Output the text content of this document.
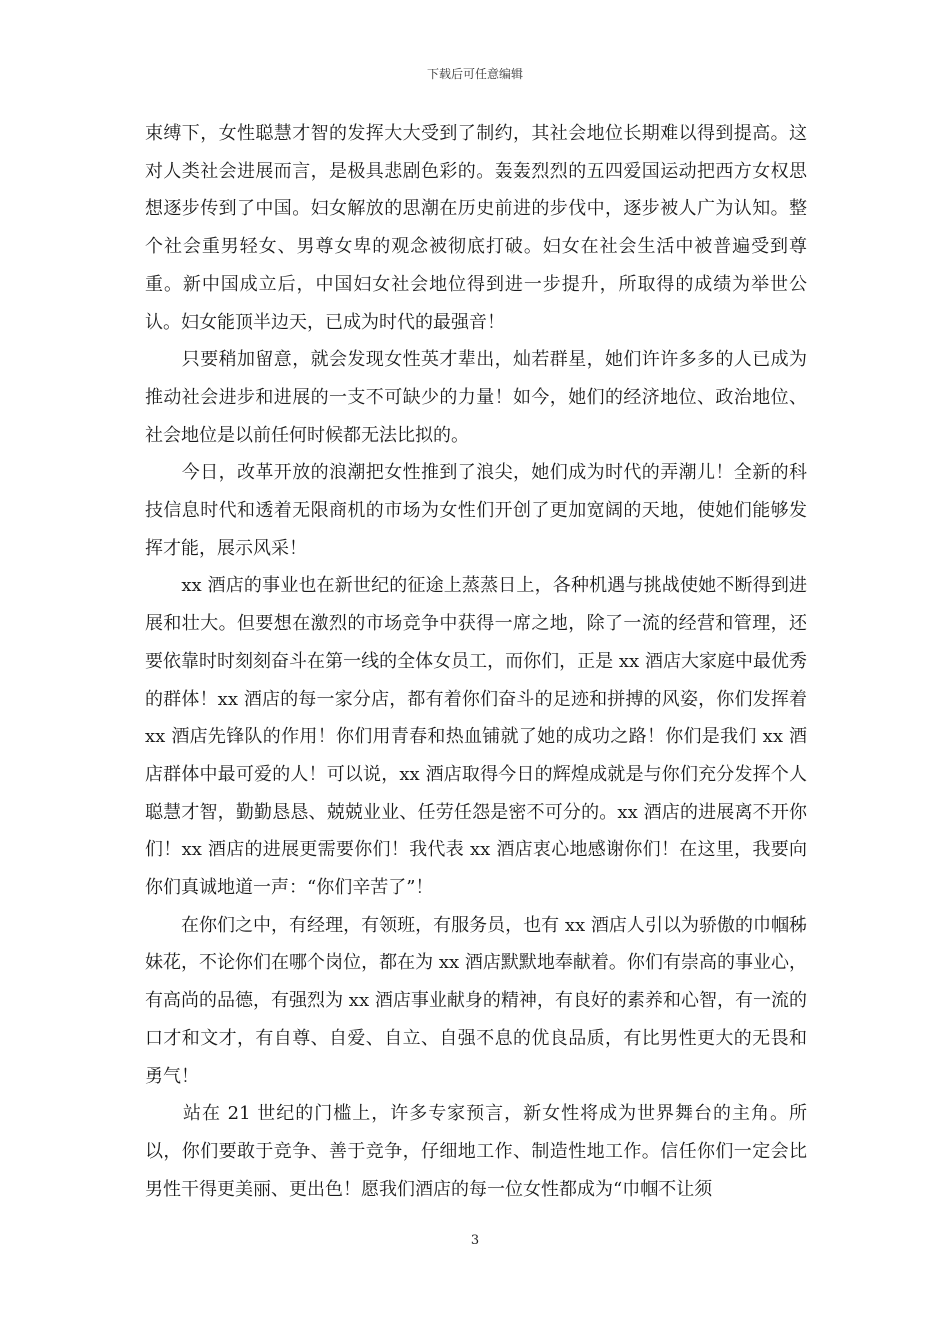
下载后可任意编辑

束缚下，女性聪慧才智的发挥大大受到了制约，其社会地位长期难以得到提高。这对人类社会进展而言，是极具悲剧色彩的。轰轰烈烈的五四爱国运动把西方女权思想逐步传到了中国。妇女解放的思潮在历史前进的步伐中，逐步被人广为认知。整个社会重男轻女、男尊女卑的观念被彻底打破。妇女在社会生活中被普遍受到尊重。新中国成立后，中国妇女社会地位得到进一步提升，所取得的成绩为举世公认。妇女能顶半边天，已成为时代的最强音！

　　只要稍加留意，就会发现女性英才辈出，灿若群星，她们许许多多的人已成为推动社会进步和进展的一支不可缺少的力量！如今，她们的经济地位、政治地位、社会地位是以前任何时候都无法比拟的。

　　今日，改革开放的浪潮把女性推到了浪尖，她们成为时代的弄潮儿！全新的科技信息时代和透着无限商机的市场为女性们开创了更加宽阔的天地，使她们能够发挥才能，展示风采！

　　xx 酒店的事业也在新世纪的征途上蒸蒸日上，各种机遇与挑战使她不断得到进展和壮大。但要想在激烈的市场竞争中获得一席之地，除了一流的经营和管理，还要依靠时时刻刻奋斗在第一线的全体女员工，而你们，正是 xx 酒店大家庭中最优秀的群体！xx 酒店的每一家分店，都有着你们奋斗的足迹和拼搏的风姿，你们发挥着 xx 酒店先锋队的作用！你们用青春和热血铺就了她的成功之路！你们是我们 xx 酒店群体中最可爱的人！可以说，xx 酒店取得今日的辉煌成就是与你们充分发挥个人聪慧才智，勤勤恳恳、兢兢业业、任劳任怨是密不可分的。xx 酒店的进展离不开你们！xx 酒店的进展更需要你们！我代表 xx 酒店衷心地感谢你们！在这里，我要向你们真诚地道一声：“你们辛苦了”！

　　在你们之中，有经理，有领班，有服务员，也有 xx 酒店人引以为骄傲的巾帼秭妹花，不论你们在哪个岗位，都在为 xx 酒店默默地奉献着。你们有崇高的事业心，有高尚的品德，有强烈为 xx 酒店事业献身的精神，有良好的素养和心智，有一流的口才和文才，有自尊、自爱、自立、自强不息的优良品质，有比男性更大的无畏和勇气！

　　站在 21 世纪的门槛上，许多专家预言，新女性将成为世界舞台的主角。所以，你们要敢于竞争、善于竞争，仔细地工作、制造性地工作。信任你们一定会比男性干得更美丽、更出色！愿我们酒店的每一位女性都成为“巾帼不让须

3
